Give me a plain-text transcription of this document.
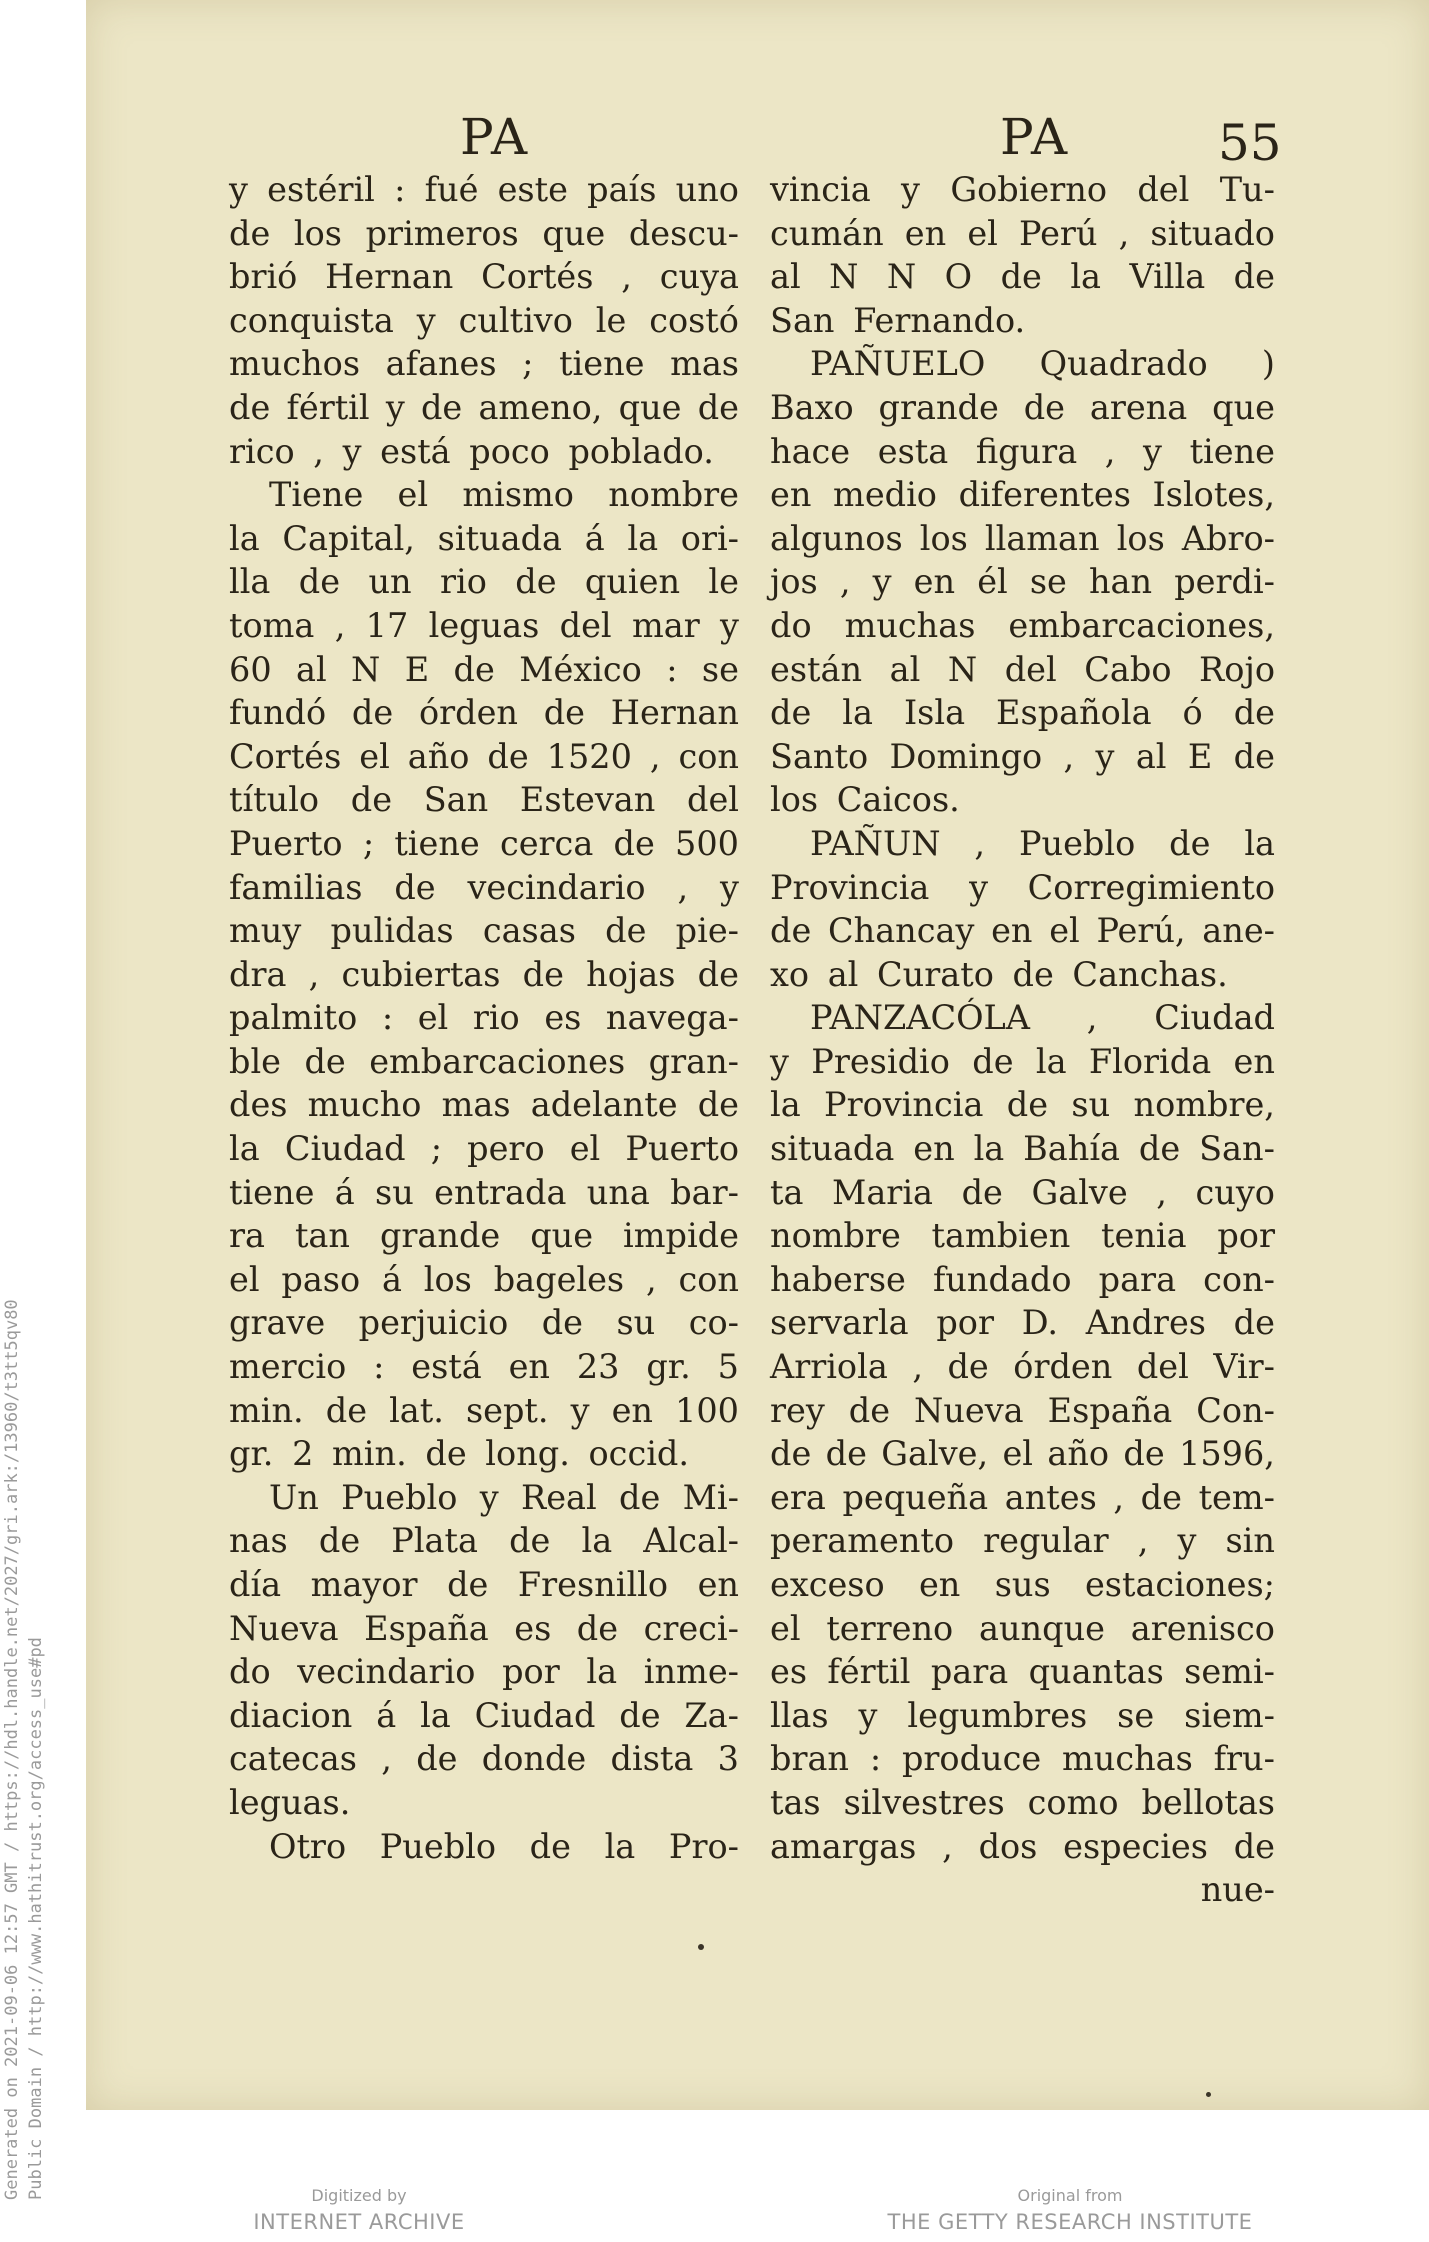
PA	PA	55
y estéril : fué este país uno
de los primeros que descu-
brió Hernan Cortés , cuya
conquista y cultivo le costó
muchos afanes ; tiene mas
de fértil y de ameno, que de
rico , y está poco poblado.
Tiene el mismo nombre
la Capital, situada á la ori-
lla de un rio de quien le
toma , 17 leguas del mar y
60 al N E de México : se
fundó de órden de Hernan
Cortés el año de 1520 , con
título de San Estevan del
Puerto ; tiene cerca de 500
familias de vecindario , y
muy pulidas casas de pie-
dra , cubiertas de hojas de
palmito : el rio es navega-
ble de embarcaciones gran-
des mucho mas adelante de
la Ciudad ; pero el Puerto
tiene á su entrada una bar-
ra tan grande que impide
el paso á los bageles , con
grave perjuicio de su co-
mercio : está en 23 gr. 5
min. de lat. sept. y en 100
gr. 2 min. de long. occid.
Un Pueblo y Real de Mi-
nas de Plata de la Alcal-
día mayor de Fresnillo en
Nueva España es de creci-
do vecindario por la inme-
diacion á la Ciudad de Za-
catecas , de donde dista 3
leguas.
Otro Pueblo de la Pro-
vincia y Gobierno del Tu-
cumán en el Perú , situado
al N N O de la Villa de
San Fernando.
PAÑUELO Quadrado )
Baxo grande de arena que
hace esta figura , y tiene
en medio diferentes Islotes,
algunos los llaman los Abro-
jos , y en él se han perdi-
do muchas embarcaciones,
están al N del Cabo Rojo
de la Isla Española ó de
Santo Domingo , y al E de
los Caicos.
PAÑUN , Pueblo de la
Provincia y Corregimiento
de Chancay en el Perú, ane-
xo al Curato de Canchas.
PANZACÓLA , Ciudad
y Presidio de la Florida en
la Provincia de su nombre,
situada en la Bahía de San-
ta Maria de Galve , cuyo
nombre tambien tenia por
haberse fundado para con-
servarla por D. Andres de
Arriola , de órden del Vir-
rey de Nueva España Con-
de de Galve, el año de 1596,
era pequeña antes , de tem-
peramento regular , y sin
exceso en sus estaciones;
el terreno aunque arenisco
es fértil para quantas semi-
llas y legumbres se siem-
bran : produce muchas fru-
tas silvestres como bellotas
amargas , dos especies de
nue-
Generated on 2021-09-06 12:57 GMT / https://hdl.handle.net/2027/gri.ark:/13960/t3tt5qv80 Public Domain / http://www.hathitrust.org/access_use#pd	Digitized by
INTERNET ARCHIVE
Original from
THE GETTY RESEARCH INSTITUTE
